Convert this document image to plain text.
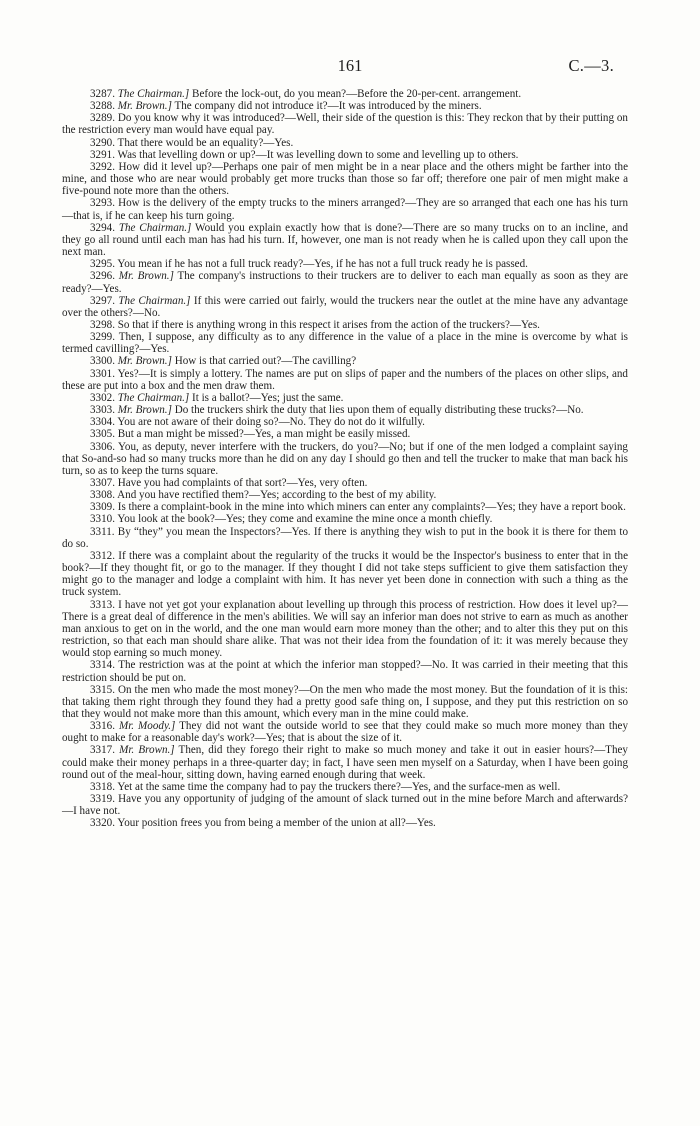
161	C.—3.

3287. The Chairman.] Before the lock-out, do you mean?—Before the 20-per-cent. arrangement.

3288. Mr. Brown.] The company did not introduce it?—It was introduced by the miners.

3289. Do you know why it was introduced?—Well, their side of the question is this: They reckon that by their putting on the restriction every man would have equal pay.

3290. That there would be an equality?—Yes.

3291. Was that levelling down or up?—It was levelling down to some and levelling up to others.

3292. How did it level up?—Perhaps one pair of men might be in a near place and the others might be farther into the mine, and those who are near would probably get more trucks than those so far off; therefore one pair of men might make a five-pound note more than the others.

3293. How is the delivery of the empty trucks to the miners arranged?—They are so arranged that each one has his turn—that is, if he can keep his turn going.

3294. The Chairman.] Would you explain exactly how that is done?—There are so many trucks on to an incline, and they go all round until each man has had his turn. If, however, one man is not ready when he is called upon they call upon the next man.

3295. You mean if he has not a full truck ready?—Yes, if he has not a full truck ready he is passed.

3296. Mr. Brown.] The company's instructions to their truckers are to deliver to each man equally as soon as they are ready?—Yes.

3297. The Chairman.] If this were carried out fairly, would the truckers near the outlet at the mine have any advantage over the others?—No.

3298. So that if there is anything wrong in this respect it arises from the action of the truckers?—Yes.

3299. Then, I suppose, any difficulty as to any difference in the value of a place in the mine is overcome by what is termed cavilling?—Yes.

3300. Mr. Brown.] How is that carried out?—The cavilling?

3301. Yes?—It is simply a lottery. The names are put on slips of paper and the numbers of the places on other slips, and these are put into a box and the men draw them.

3302. The Chairman.] It is a ballot?—Yes; just the same.

3303. Mr. Brown.] Do the truckers shirk the duty that lies upon them of equally distributing these trucks?—No.

3304. You are not aware of their doing so?—No. They do not do it wilfully.

3305. But a man might be missed?—Yes, a man might be easily missed.

3306. You, as deputy, never interfere with the truckers, do you?—No; but if one of the men lodged a complaint saying that So-and-so had so many trucks more than he did on any day I should go then and tell the trucker to make that man back his turn, so as to keep the turns square.

3307. Have you had complaints of that sort?—Yes, very often.

3308. And you have rectified them?—Yes; according to the best of my ability.

3309. Is there a complaint-book in the mine into which miners can enter any complaints?—Yes; they have a report book.

3310. You look at the book?—Yes; they come and examine the mine once a month chiefly.

3311. By “they” you mean the Inspectors?—Yes. If there is anything they wish to put in the book it is there for them to do so.

3312. If there was a complaint about the regularity of the trucks it would be the Inspector's business to enter that in the book?—If they thought fit, or go to the manager. If they thought I did not take steps sufficient to give them satisfaction they might go to the manager and lodge a complaint with him. It has never yet been done in connection with such a thing as the truck system.

3313. I have not yet got your explanation about levelling up through this process of restriction. How does it level up?—There is a great deal of difference in the men's abilities. We will say an inferior man does not strive to earn as much as another man anxious to get on in the world, and the one man would earn more money than the other; and to alter this they put on this restriction, so that each man should share alike. That was not their idea from the foundation of it: it was merely because they would stop earning so much money.

3314. The restriction was at the point at which the inferior man stopped?—No. It was carried in their meeting that this restriction should be put on.

3315. On the men who made the most money?—On the men who made the most money. But the foundation of it is this: that taking them right through they found they had a pretty good safe thing on, I suppose, and they put this restriction on so that they would not make more than this amount, which every man in the mine could make.

3316. Mr. Moody.] They did not want the outside world to see that they could make so much more money than they ought to make for a reasonable day's work?—Yes; that is about the size of it.

3317. Mr. Brown.] Then, did they forego their right to make so much money and take it out in easier hours?—They could make their money perhaps in a three-quarter day; in fact, I have seen men myself on a Saturday, when I have been going round out of the meal-hour, sitting down, having earned enough during that week.

3318. Yet at the same time the company had to pay the truckers there?—Yes, and the surface-men as well.

3319. Have you any opportunity of judging of the amount of slack turned out in the mine before March and afterwards?—I have not.

3320. Your position frees you from being a member of the union at all?—Yes.
